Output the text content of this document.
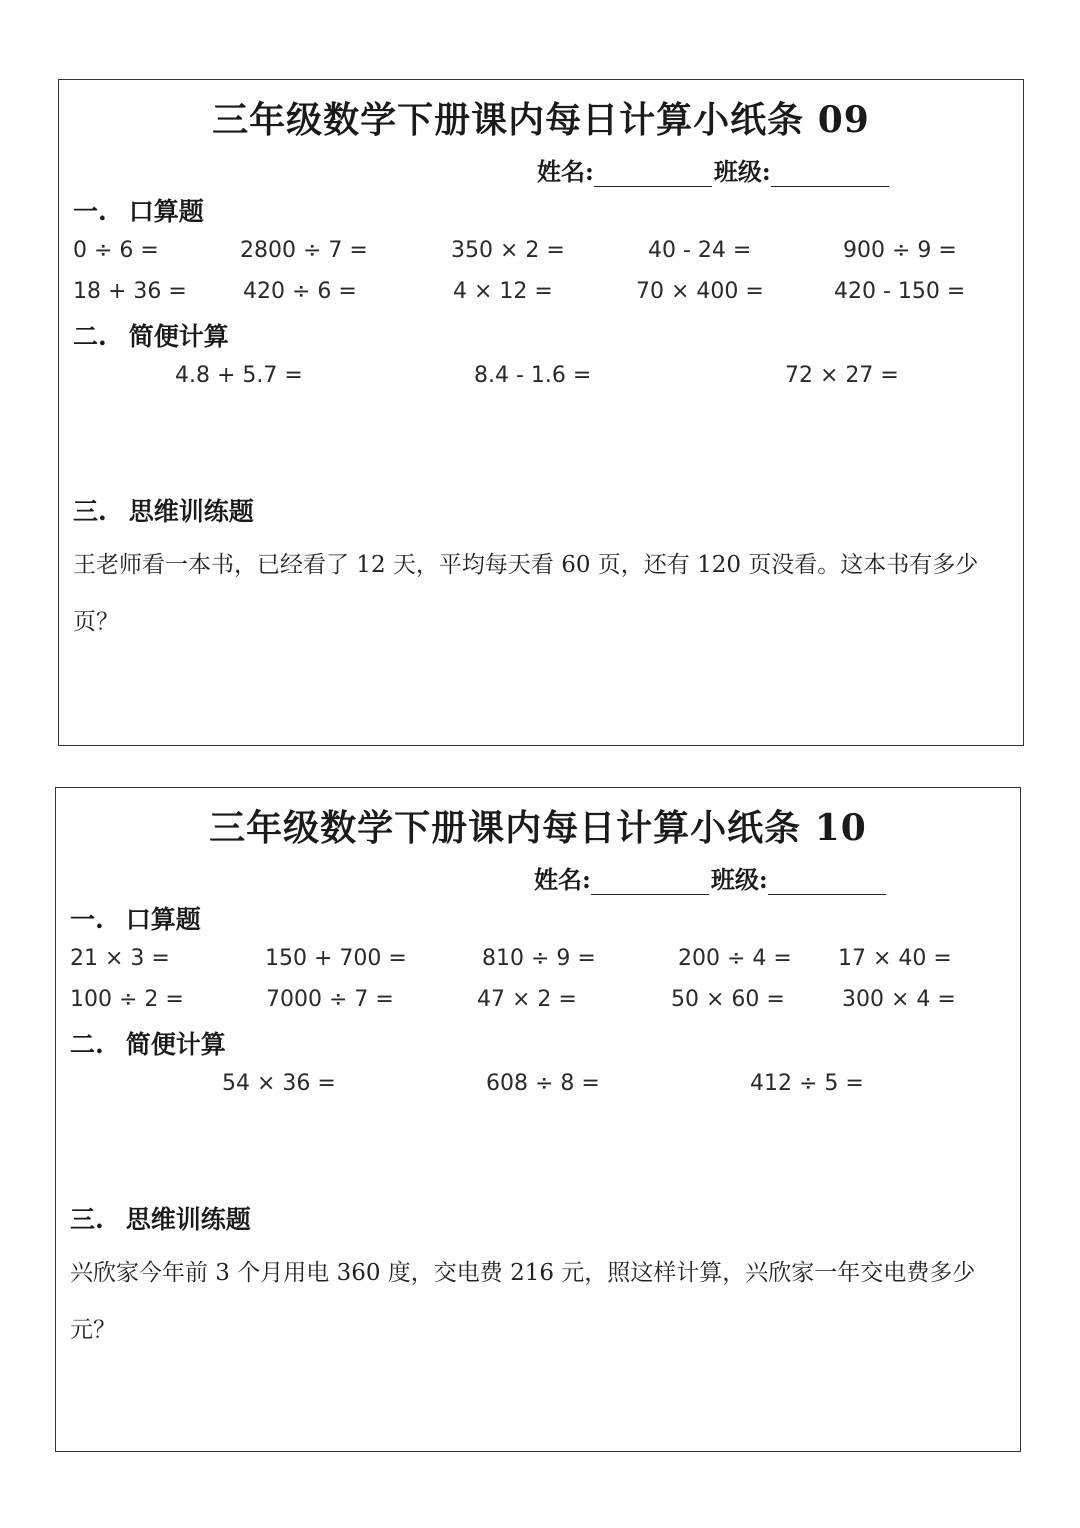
三年级数学下册课内每日计算小纸条 09
姓名:	班级:
一. 口算题
0 ÷ 6 =	2800 ÷ 7 =	350 × 2 =	40 - 24 =	900 ÷ 9 =
18 + 36 =	420 ÷ 6 =	4 × 12 =	70 × 400 =	420 - 150 =
二. 简便计算
4.8 + 5.7 =	8.4 - 1.6 =	72 × 27 =
三. 思维训练题
王老师看一本书，已经看了 12 天，平均每天看 60 页，还有 120 页没看。这本书有多少页？
三年级数学下册课内每日计算小纸条 10
姓名:	班级:
一. 口算题
21 × 3 =	150 + 700 =	810 ÷ 9 =	200 ÷ 4 = 17 × 40 =
100 ÷ 2 =	7000 ÷ 7 =	47 × 2 =	50 × 60 =	300 × 4 =
二. 简便计算
54 × 36 =	608 ÷ 8 =	412 ÷ 5 =
三. 思维训练题
兴欣家今年前 3 个月用电 360 度，交电费 216 元，照这样计算，兴欣家一年交电费多少元？
